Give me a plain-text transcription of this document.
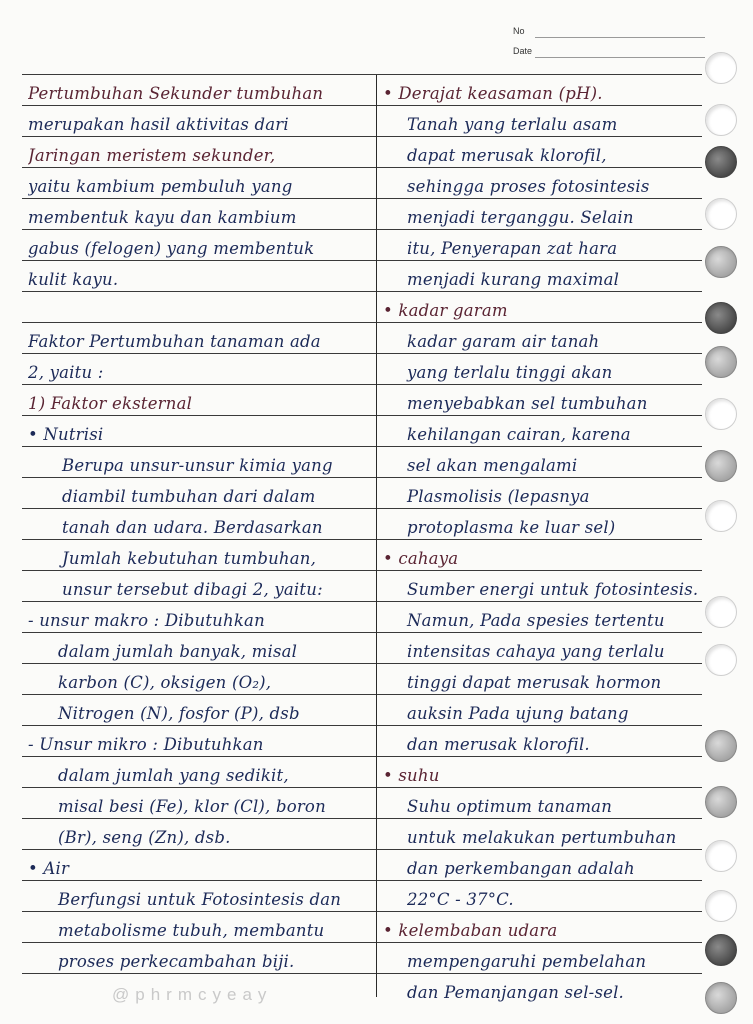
No
Date
Pertumbuhan Sekunder tumbuhan
merupakan hasil aktivitas dari
Jaringan meristem sekunder,
yaitu kambium pembuluh yang
membentuk kayu dan kambium
gabus (felogen) yang membentuk
kulit kayu.
Faktor Pertumbuhan tanaman ada
2, yaitu :
1) Faktor eksternal
• Nutrisi
Berupa unsur-unsur kimia yang
diambil tumbuhan dari dalam
tanah dan udara. Berdasarkan
Jumlah kebutuhan tumbuhan,
unsur tersebut dibagi 2, yaitu:
- unsur makro : Dibutuhkan
dalam jumlah banyak, misal
karbon (C), oksigen (O₂),
Nitrogen (N), fosfor (P), dsb
- Unsur mikro : Dibutuhkan
dalam jumlah yang sedikit,
misal besi (Fe), klor (Cl), boron
(Br), seng (Zn), dsb.
• Air
Berfungsi untuk Fotosintesis dan
metabolisme tubuh, membantu
proses perkecambahan biji.
• Derajat keasaman (pH).
Tanah yang terlalu asam
dapat merusak klorofil,
sehingga proses fotosintesis
menjadi terganggu. Selain
itu, Penyerapan zat hara
menjadi kurang maximal
• kadar garam
kadar garam air tanah
yang terlalu tinggi akan
menyebabkan sel tumbuhan
kehilangan cairan, karena
sel akan mengalami
Plasmolisis (lepasnya
protoplasma ke luar sel)
• cahaya
Sumber energi untuk fotosintesis.
Namun, Pada spesies tertentu
intensitas cahaya yang terlalu
tinggi dapat merusak hormon
auksin Pada ujung batang
dan merusak klorofil.
• suhu
Suhu optimum tanaman
untuk melakukan pertumbuhan
dan perkembangan adalah
22°C - 37°C.
• kelembaban udara
mempengaruhi pembelahan
dan Pemanjangan sel-sel.
@phrmcyeay
